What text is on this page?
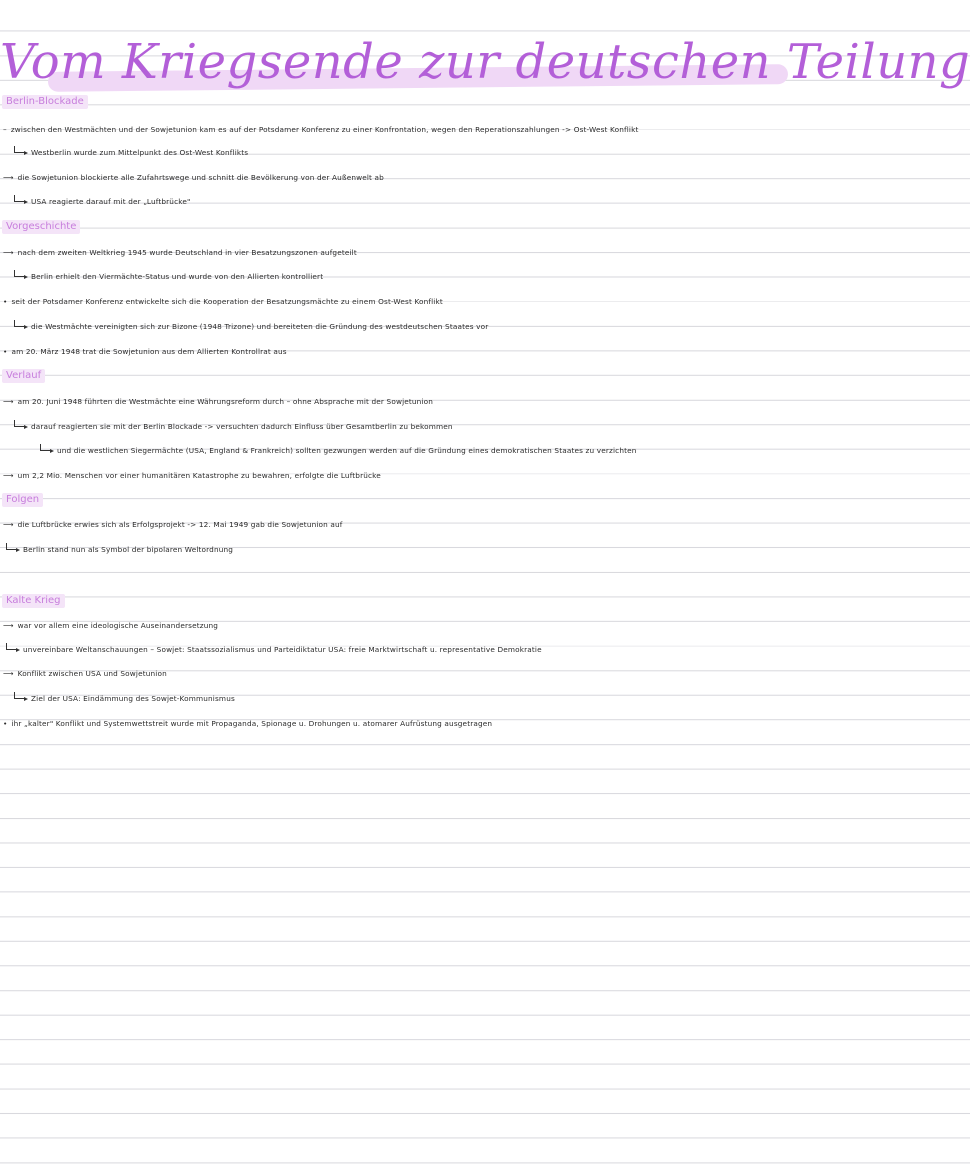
Vom Kriegsende zur deutschen Teilung
Berlin-Blockade
– zwischen den Westmächten und der Sowjetunion kam es auf der Potsdamer Konferenz zu einer Konfrontation, wegen den Reperationszahlungen -> Ost-West Konflikt
Westberlin wurde zum Mittelpunkt des Ost-West Konflikts
⟶ die Sowjetunion blockierte alle Zufahrtswege und schnitt die Bevölkerung von der Außenwelt ab
USA reagierte darauf mit der „Luftbrücke"
Vorgeschichte
⟶ nach dem zweiten Weltkrieg 1945 wurde Deutschland in vier Besatzungszonen aufgeteilt
Berlin erhielt den Viermächte-Status und wurde von den Allierten kontrolliert
• seit der Potsdamer Konferenz entwickelte sich die Kooperation der Besatzungsmächte zu einem Ost-West Konflikt
die Westmächte vereinigten sich zur Bizone (1948 Trizone) und bereiteten die Gründung des westdeutschen Staates vor
• am 20. März 1948 trat die Sowjetunion aus dem Allierten Kontrollrat aus
Verlauf
⟶ am 20. Juni 1948 führten die Westmächte eine Währungsreform durch – ohne Absprache mit der Sowjetunion
darauf reagierten sie mit der Berlin Blockade -> versuchten dadurch Einfluss über Gesamtberlin zu bekommen
und die westlichen Siegermächte (USA, England & Frankreich) sollten gezwungen werden auf die Gründung eines demokratischen Staates zu verzichten
⟶ um 2,2 Mio. Menschen vor einer humanitären Katastrophe zu bewahren, erfolgte die Luftbrücke
Folgen
⟶ die Luftbrücke erwies sich als Erfolgsprojekt -> 12. Mai 1949 gab die Sowjetunion auf
Berlin stand nun als Symbol der bipolaren Weltordnung
Kalte Krieg
⟶ war vor allem eine ideologische Auseinandersetzung
unvereinbare Weltanschauungen – Sowjet: Staatssozialismus und Parteidiktatur USA: freie Marktwirtschaft u. representative Demokratie
⟶ Konflikt zwischen USA und Sowjetunion
Ziel der USA: Eindämmung des Sowjet-Kommunismus
• ihr „kalter" Konflikt und Systemwettstreit wurde mit Propaganda, Spionage u. Drohungen u. atomarer Aufrüstung ausgetragen
